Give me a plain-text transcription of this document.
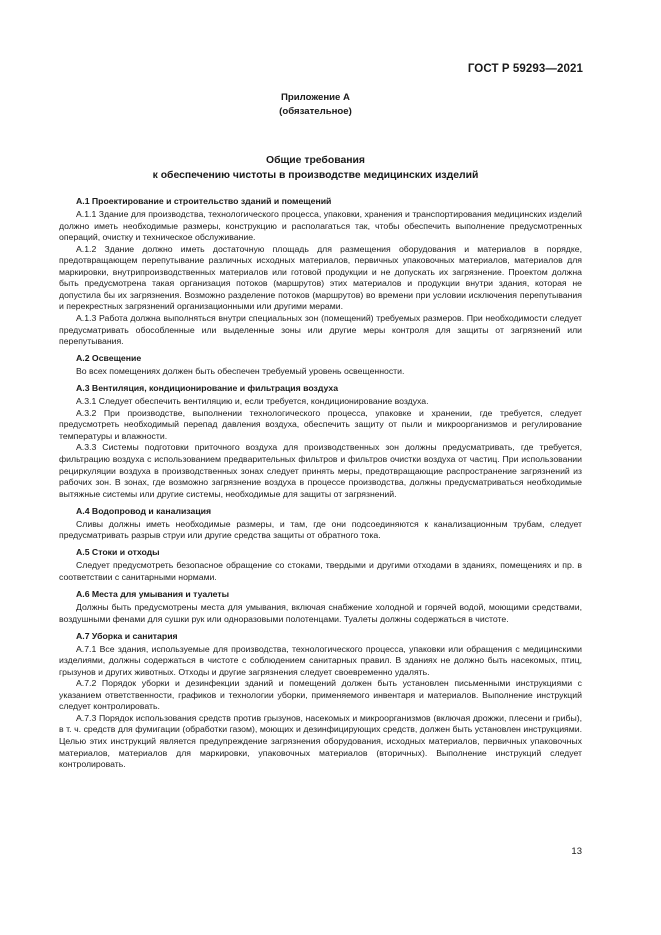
ГОСТ Р 59293—2021
Приложение А
(обязательное)
Общие требования
к обеспечению чистоты в производстве медицинских изделий
А.1 Проектирование и строительство зданий и помещений

А.1.1 Здание для производства, технологического процесса, упаковки, хранения и транспортирования медицинских изделий должно иметь необходимые размеры, конструкцию и располагаться так, чтобы обеспечить выполнение предусмотренных операций, очистку и техническое обслуживание.

А.1.2 Здание должно иметь достаточную площадь для размещения оборудования и материалов в порядке, предотвращающем перепутывание различных исходных материалов, первичных упаковочных материалов, материалов для маркировки, внутрипроизводственных материалов или готовой продукции и не допускать их загрязнение. Проектом должна быть предусмотрена такая организация потоков (маршрутов) этих материалов и продукции внутри здания, которая не допустила бы их загрязнения. Возможно разделение потоков (маршрутов) во времени при условии исключения перепутывания и перекрестных загрязнений организационными или другими мерами.

А.1.3 Работа должна выполняться внутри специальных зон (помещений) требуемых размеров. При необходимости следует предусматривать обособленные или выделенные зоны или другие меры контроля для защиты от загрязнений или перепутывания.

А.2 Освещение

Во всех помещениях должен быть обеспечен требуемый уровень освещенности.

А.3 Вентиляция, кондиционирование и фильтрация воздуха

А.3.1 Следует обеспечить вентиляцию и, если требуется, кондиционирование воздуха.

А.3.2 При производстве, выполнении технологического процесса, упаковке и хранении, где требуется, следует предусмотреть необходимый перепад давления воздуха, обеспечить защиту от пыли и микроорганизмов и регулирование температуры и влажности.

А.3.3 Системы подготовки приточного воздуха для производственных зон должны предусматривать, где требуется, фильтрацию воздуха с использованием предварительных фильтров и фильтров очистки воздуха от частиц. При использовании рециркуляции воздуха в производственных зонах следует принять меры, предотвращающие распространение загрязнений из рабочих зон. В зонах, где возможно загрязнение воздуха в процессе производства, должны предусматриваться необходимые вытяжные системы или другие системы, необходимые для защиты от загрязнений.

А.4 Водопровод и канализация

Сливы должны иметь необходимые размеры, и там, где они подсоединяются к канализационным трубам, следует предусматривать разрыв струи или другие средства защиты от обратного тока.

А.5 Стоки и отходы

Следует предусмотреть безопасное обращение со стоками, твердыми и другими отходами в зданиях, помещениях и пр. в соответствии с санитарными нормами.

А.6 Места для умывания и туалеты

Должны быть предусмотрены места для умывания, включая снабжение холодной и горячей водой, моющими средствами, воздушными фенами для сушки рук или одноразовыми полотенцами. Туалеты должны содержаться в чистоте.

А.7 Уборка и санитария

А.7.1 Все здания, используемые для производства, технологического процесса, упаковки или обращения с медицинскими изделиями, должны содержаться в чистоте с соблюдением санитарных правил. В зданиях не должно быть насекомых, птиц, грызунов и других животных. Отходы и другие загрязнения следует своевременно удалять.

А.7.2 Порядок уборки и дезинфекции зданий и помещений должен быть установлен письменными инструкциями с указанием ответственности, графиков и технологии уборки, применяемого инвентаря и материалов. Выполнение инструкций следует контролировать.

А.7.3 Порядок использования средств против грызунов, насекомых и микроорганизмов (включая дрожжи, плесени и грибы), в т. ч. средств для фумигации (обработки газом), моющих и дезинфицирующих средств, должен быть установлен инструкциями. Целью этих инструкций является предупреждение загрязнения оборудования, исходных материалов, первичных упаковочных материалов, материалов для маркировки, упаковочных материалов (вторичных). Выполнение инструкций следует контролировать.

13
